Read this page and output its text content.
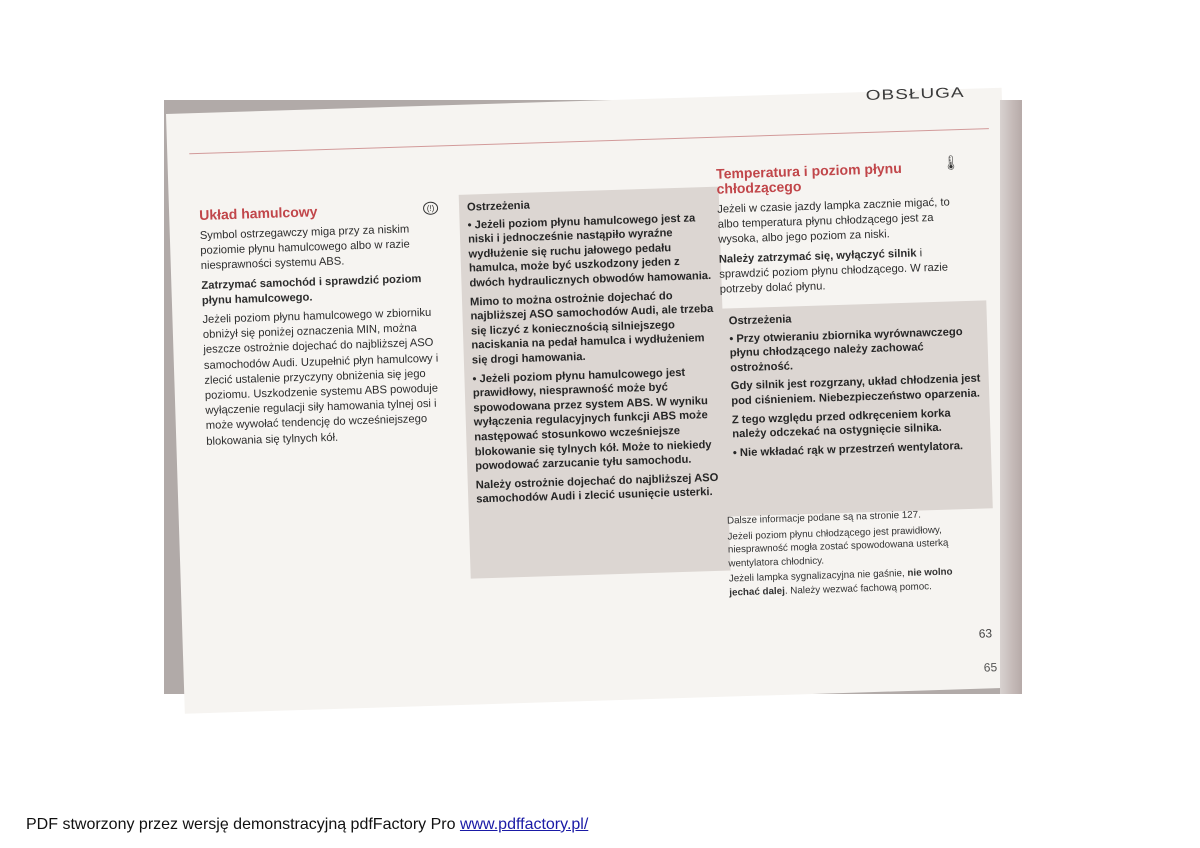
OBSŁUGA
Układ hamulcowy	(!)

Symbol ostrzegawczy miga przy za niskim poziomie płynu hamulcowego albo w razie niesprawności systemu ABS.

Zatrzymać samochód i sprawdzić poziom płynu hamulcowego.

Jeżeli poziom płynu hamulcowego w zbiorniku obniżył się poniżej oznaczenia MIN, można jeszcze ostrożnie dojechać do najbliższej ASO samochodów Audi. Uzupełnić płyn hamulcowy i zlecić ustalenie przyczyny obniżenia się jego poziomu. Uszkodzenie systemu ABS powoduje wyłączenie regulacji siły hamowania tylnej osi i może wywołać tendencję do wcześniejszego blokowania się tylnych kół.

Ostrzeżenia

• Jeżeli poziom płynu hamulcowego jest za niski i jednocześnie nastąpiło wyraźne wydłużenie się ruchu jałowego pedału hamulca, może być uszkodzony jeden z dwóch hydraulicznych obwodów hamowania.

Mimo to można ostrożnie dojechać do najbliższej ASO samochodów Audi, ale trzeba się liczyć z koniecznością silniejszego naciskania na pedał hamulca i wydłużeniem się drogi hamowania.

• Jeżeli poziom płynu hamulcowego jest prawidłowy, niesprawność może być spowodowana przez system ABS. W wyniku wyłączenia regulacyjnych funkcji ABS może następować stosunkowo wcześniejsze blokowanie się tylnych kół. Może to niekiedy powodować zarzucanie tyłu samochodu.

Należy ostrożnie dojechać do najbliższej ASO samochodów Audi i zlecić usunięcie usterki.

Temperatura i poziom płynu chłodzącego
🌡

Jeżeli w czasie jazdy lampka zacznie migać, to albo temperatura płynu chłodzącego jest za wysoka, albo jego poziom za niski.

Należy zatrzymać się, wyłączyć silnik i sprawdzić poziom płynu chłodzącego. W razie potrzeby dolać płynu.

Ostrzeżenia

• Przy otwieraniu zbiornika wyrównawczego płynu chłodzącego należy zachować ostrożność.

Gdy silnik jest rozgrzany, układ chłodzenia jest pod ciśnieniem. Niebezpieczeństwo oparzenia.

Z tego względu przed odkręceniem korka należy odczekać na ostygnięcie silnika.

• Nie wkładać rąk w przestrzeń wentylatora.

Dalsze informacje podane są na stronie 127.

Jeżeli poziom płynu chłodzącego jest prawidłowy, niesprawność mogła zostać spowodowana usterką wentylatora chłodnicy.

Jeżeli lampka sygnalizacyjna nie gaśnie, nie wolno jechać dalej. Należy wezwać fachową pomoc.

63
65
PDF stworzony przez wersję demonstracyjną pdfFactory Pro www.pdffactory.pl/
